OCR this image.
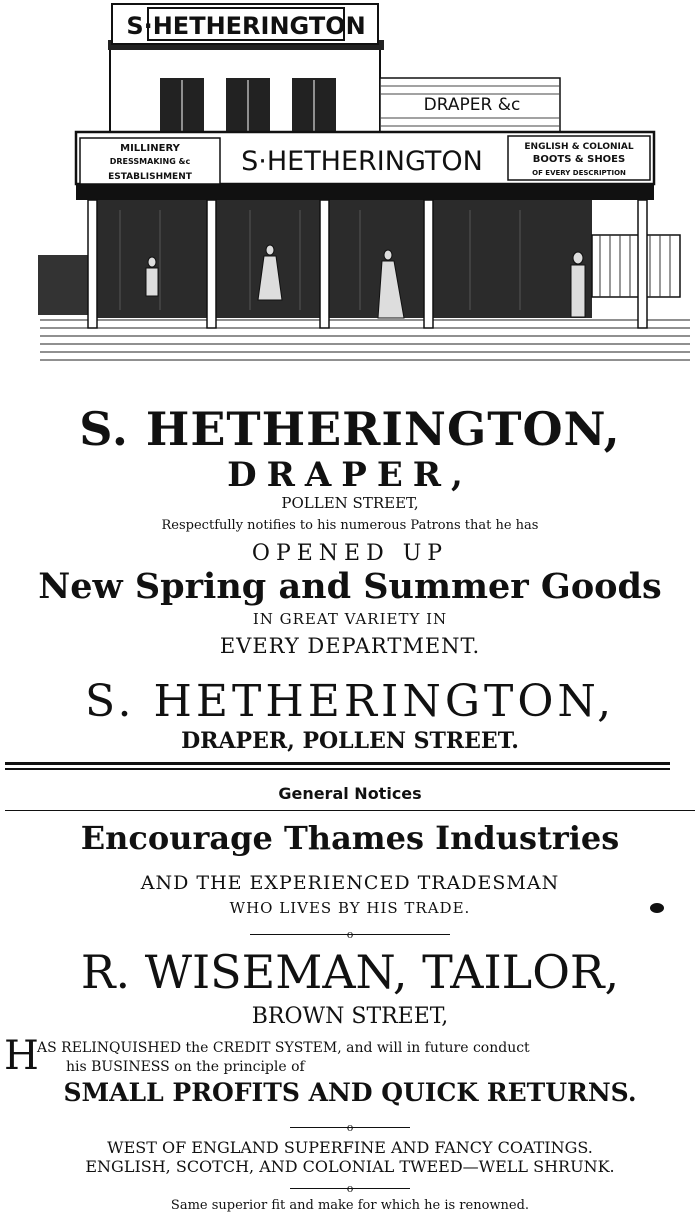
S·HETHERINGTON
DRAPER &c
S·HETHERINGTON
MILLINERY
DRESSMAKING &c
ESTABLISHMENT
ENGLISH & COLONIAL
BOOTS & SHOES
OF EVERY DESCRIPTION
S. HETHERINGTON,
DRAPER,
POLLEN STREET,
Respectfully notifies to his numerous Patrons that he has
OPENED UP
New Spring and Summer Goods
IN GREAT VARIETY IN
EVERY DEPARTMENT.
S. HETHERINGTON,
DRAPER, POLLEN STREET.
General Notices
Encourage Thames Industries
AND THE EXPERIENCED TRADESMAN
WHO LIVES BY HIS TRADE.
o
R. WISEMAN, TAILOR,
BROWN STREET,
H
AS RELINQUISHED the CREDIT SYSTEM, and will in future conduct
his BUSINESS on the principle of
SMALL PROFITS AND QUICK RETURNS.
o
WEST OF ENGLAND SUPERFINE AND FANCY COATINGS.
ENGLISH, SCOTCH, AND COLONIAL TWEED—WELL SHRUNK.
o
Same superior fit and make for which he is renowned.
